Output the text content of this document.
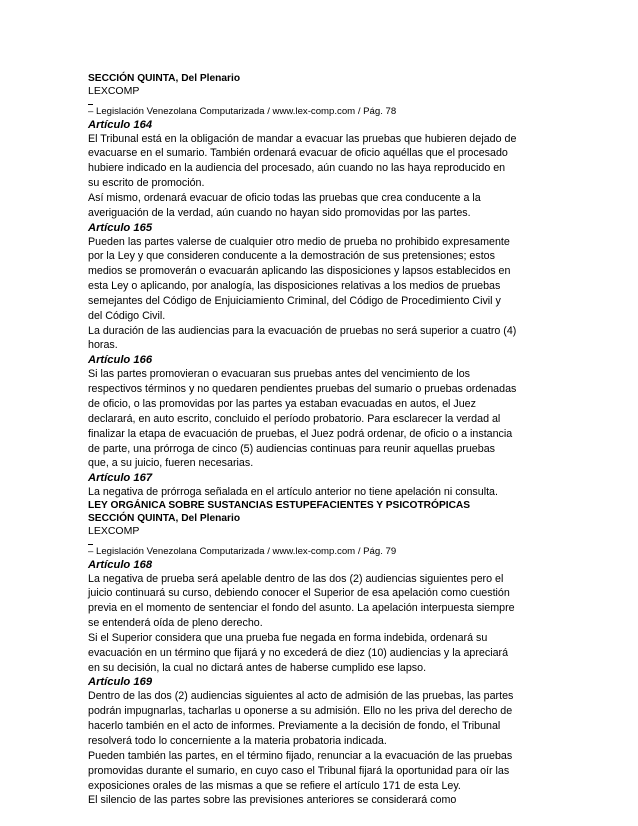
SECCIÓN QUINTA, Del Plenario
LEXCOMP
– Legislación Venezolana Computarizada / www.lex-comp.com / Pág. 78
Artículo 164
El Tribunal está en la obligación de mandar a evacuar las pruebas que hubieren dejado de
evacuarse en el sumario. También ordenará evacuar de oficio aquéllas que el procesado
hubiere indicado en la audiencia del procesado, aún cuando no las haya reproducido en
su escrito de promoción.
Así mismo, ordenará evacuar de oficio todas las pruebas que crea conducente a la
averiguación de la verdad, aún cuando no hayan sido promovidas por las partes.
Artículo 165
Pueden las partes valerse de cualquier otro medio de prueba no prohibido expresamente
por la Ley y que consideren conducente a la demostración de sus pretensiones; estos
medios se promoverán o evacuarán aplicando las disposiciones y lapsos establecidos en
esta Ley o aplicando, por analogía, las disposiciones relativas a los medios de pruebas
semejantes del Código de Enjuiciamiento Criminal, del Código de Procedimiento Civil y
del Código Civil.
La duración de las audiencias para la evacuación de pruebas no será superior a cuatro (4)
horas.
Artículo 166
Si las partes promovieran o evacuaran sus pruebas antes del vencimiento de los
respectivos términos y no quedaren pendientes pruebas del sumario o pruebas ordenadas
de oficio, o las promovidas por las partes ya estaban evacuadas en autos, el Juez
declarará, en auto escrito, concluido el período probatorio. Para esclarecer la verdad al
finalizar la etapa de evacuación de pruebas, el Juez podrá ordenar, de oficio o a instancia
de parte, una prórroga de cinco (5) audiencias continuas para reunir aquellas pruebas
que, a su juicio, fueren necesarias.
Artículo 167
La negativa de prórroga señalada en el artículo anterior no tiene apelación ni consulta.
LEY ORGÁNICA SOBRE SUSTANCIAS ESTUPEFACIENTES Y PSICOTRÓPICAS
SECCIÓN QUINTA, Del Plenario
LEXCOMP
– Legislación Venezolana Computarizada / www.lex-comp.com / Pág. 79
Artículo 168
La negativa de prueba será apelable dentro de las dos (2) audiencias siguientes pero el
juicio continuará su curso, debiendo conocer el Superior de esa apelación como cuestión
previa en el momento de sentenciar el fondo del asunto. La apelación interpuesta siempre
se entenderá oída de pleno derecho.
Si el Superior considera que una prueba fue negada en forma indebida, ordenará su
evacuación en un término que fijará y no excederá de diez (10) audiencias y la apreciará
en su decisión, la cual no dictará antes de haberse cumplido ese lapso.
Artículo 169
Dentro de las dos (2) audiencias siguientes al acto de admisión de las pruebas, las partes
podrán impugnarlas, tacharlas u oponerse a su admisión. Ello no les priva del derecho de
hacerlo también en el acto de informes. Previamente a la decisión de fondo, el Tribunal
resolverá todo lo concerniente a la materia probatoria indicada.
Pueden también las partes, en el término fijado, renunciar a la evacuación de las pruebas
promovidas durante el sumario, en cuyo caso el Tribunal fijará la oportunidad para oír las
exposiciones orales de las mismas a que se refiere el artículo 171 de esta Ley.
El silencio de las partes sobre las previsiones anteriores se considerará como
